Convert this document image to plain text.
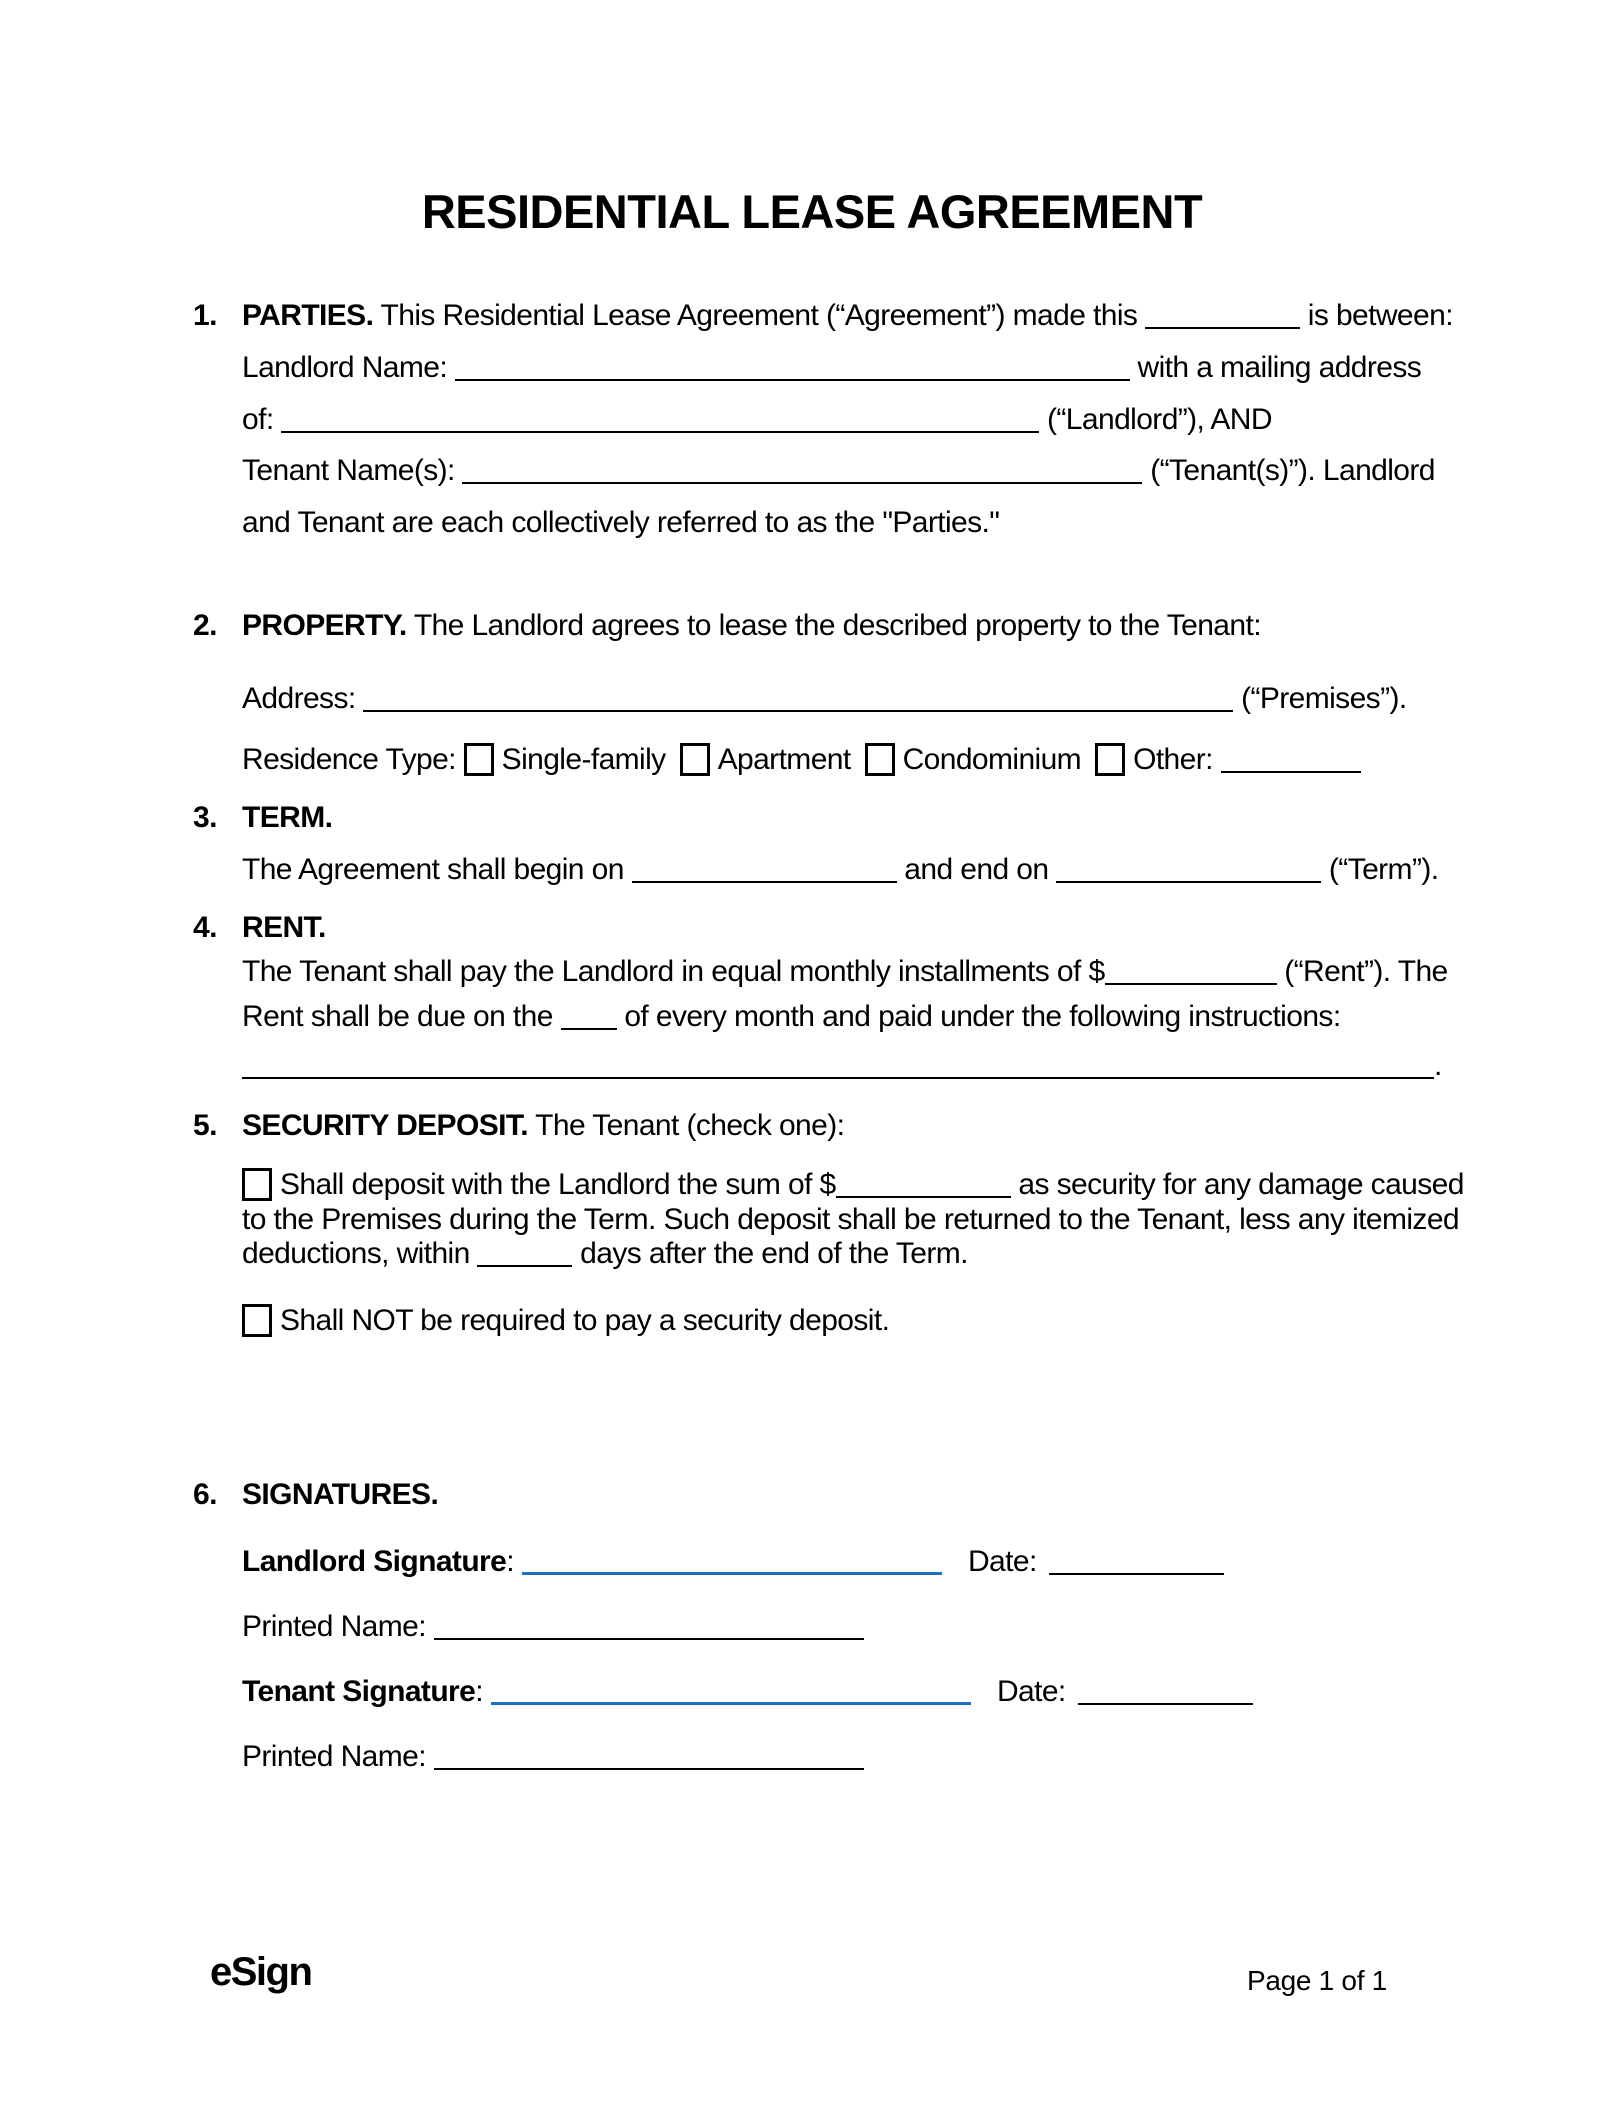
RESIDENTIAL LEASE AGREEMENT
1. PARTIES. This Residential Lease Agreement (“Agreement”) made this	is between:
Landlord Name:	with a mailing address
of:	(“Landlord”), AND
Tenant Name(s):	(“Tenant(s)”). Landlord
and Tenant are each collectively referred to as the "Parties."
2. PROPERTY. The Landlord agrees to lease the described property to the Tenant:
Address:	(“Premises”).
Residence Type: Single-family Apartment Condominium Other:
3. TERM.
The Agreement shall begin on	and end on	(“Term”).
4. RENT.
The Tenant shall pay the Landlord in equal monthly installments of $	(“Rent”). The
Rent shall be due on the  of every month and paid under the following instructions:
.
5. SECURITY DEPOSIT. The Tenant (check one):
Shall deposit with the Landlord the sum of $	as security for any damage caused
to the Premises during the Term. Such deposit shall be returned to the Tenant, less any itemized
deductions, within	days after the end of the Term.
Shall NOT be required to pay a security deposit.
6. SIGNATURES.
Landlord Signature:	Date:
Printed Name:
Tenant Signature:	Date:
Printed Name:
eSign	Page 1 of 1
